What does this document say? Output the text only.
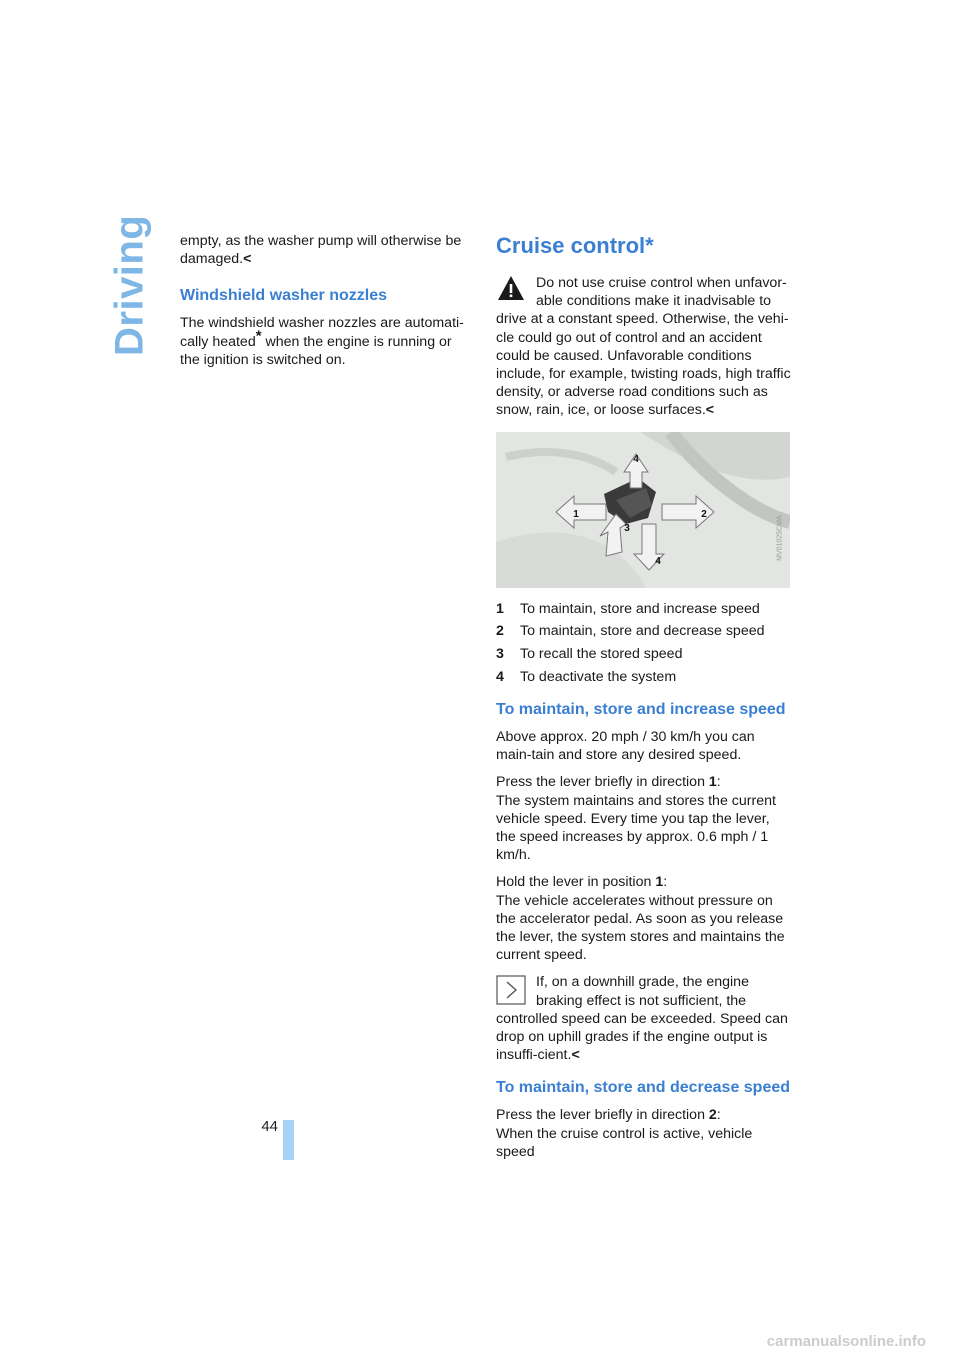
Driving
44

empty, as the washer pump will otherwise be damaged.<

Windshield washer nozzles

The windshield washer nozzles are automati-cally heated* when the engine is running or the ignition is switched on.

Cruise control*
Do not use cruise control when unfavor-able conditions make it inadvisable to drive at a constant speed. Otherwise, the vehi-cle could go out of control and an accident could be caused. Unfavorable conditions include, for example, twisting roads, high traffic density, or adverse road conditions such as snow, rain, ice, or loose surfaces.<
4
1	2
3
4	MV01025CMA
1	To maintain, store and increase speed
2	To maintain, store and decrease speed
3	To recall the stored speed
4	To deactivate the system
To maintain, store and increase speed

Above approx. 20 mph / 30 km/h you can main-tain and store any desired speed.

Press the lever briefly in direction 1:
The system maintains and stores the current vehicle speed. Every time you tap the lever, the speed increases by approx. 0.6 mph / 1 km/h.

Hold the lever in position 1:
The vehicle accelerates without pressure on the accelerator pedal. As soon as you release the lever, the system stores and maintains the current speed.

If, on a downhill grade, the engine braking effect is not sufficient, the controlled speed can be exceeded. Speed can drop on uphill grades if the engine output is insuffi-cient.<
To maintain, store and decrease speed

Press the lever briefly in direction 2:
When the cruise control is active, vehicle speed

carmanualsonline.info
